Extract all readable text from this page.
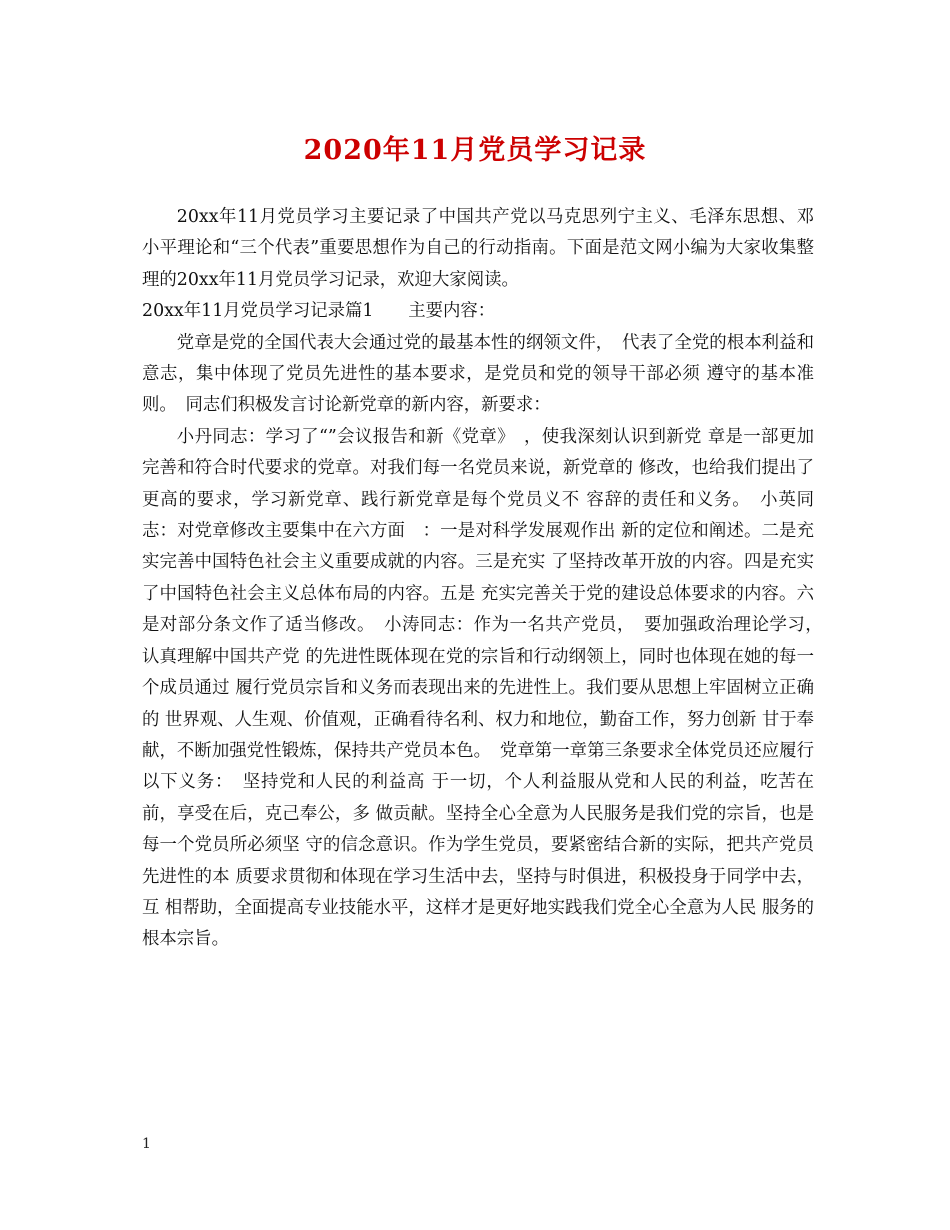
2020年11月党员学习记录

20xx年11月党员学习主要记录了中国共产党以马克思列宁主义、毛泽东思想、邓小平理论和“三个代表”重要思想作为自己的行动指南。下面是范文网小编为大家收集整理的20xx年11月党员学习记录，欢迎大家阅读。

20xx年11月党员学习记录篇1　　主要内容：

党章是党的全国代表大会通过党的最基本性的纲领文件，　代表了全党的根本利益和意志，集中体现了党员先进性的基本要求，是党员和党的领导干部必须 遵守的基本准则。　同志们积极发言讨论新党章的新内容，新要求：

小丹同志：学习了“”会议报告和新《党章》　，使我深刻认识到新党 章是一部更加完善和符合时代要求的党章。对我们每一名党员来说，新党章的 修改，也给我们提出了更高的要求，学习新党章、践行新党章是每个党员义不 容辞的责任和义务。　小英同志：对党章修改主要集中在六方面　：一是对科学发展观作出 新的定位和阐述。二是充实完善中国特色社会主义重要成就的内容。三是充实 了坚持改革开放的内容。四是充实了中国特色社会主义总体布局的内容。五是 充实完善关于党的建设总体要求的内容。六是对部分条文作了适当修改。　小涛同志：作为一名共产党员，　要加强政治理论学习，　认真理解中国共产党 的先进性既体现在党的宗旨和行动纲领上，同时也体现在她的每一个成员通过 履行党员宗旨和义务而表现出来的先进性上。我们要从思想上牢固树立正确的 世界观、人生观、价值观，正确看待名利、权力和地位，勤奋工作，努力创新 甘于奉献，不断加强党性锻炼，保持共产党员本色。　党章第一章第三条要求全体党员还应履行以下义务：　坚持党和人民的利益高 于一切，个人利益服从党和人民的利益，吃苦在前，享受在后，克己奉公，多 做贡献。坚持全心全意为人民服务是我们党的宗旨，也是每一个党员所必须坚 守的信念意识。作为学生党员，要紧密结合新的实际，把共产党员先进性的本 质要求贯彻和体现在学习生活中去，坚持与时俱进，积极投身于同学中去，互 相帮助，全面提高专业技能水平，这样才是更好地实践我们党全心全意为人民 服务的根本宗旨。

1
